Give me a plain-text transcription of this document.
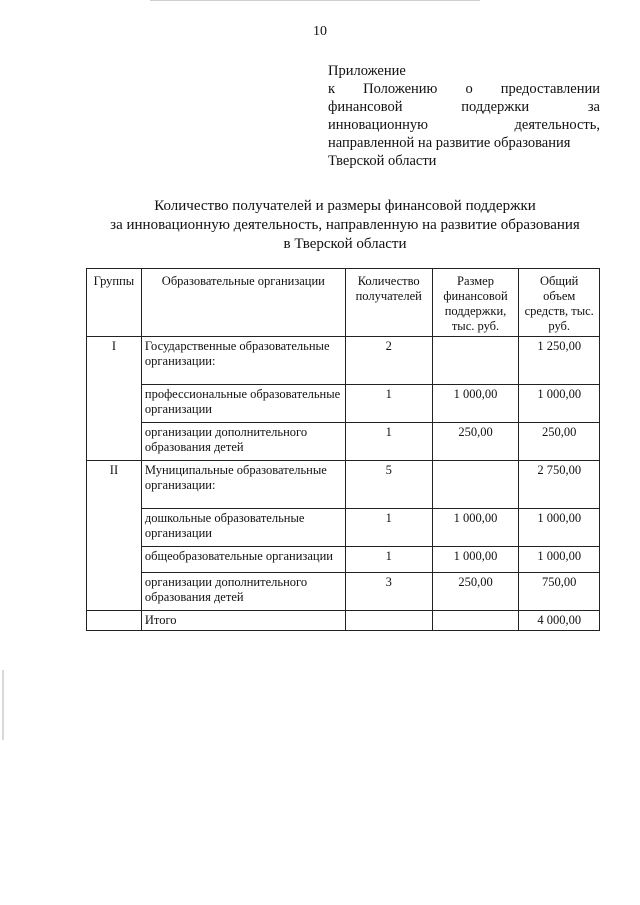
10
Приложение
к Положению о предоставлении
финансовой	поддержки	за
инновационную	деятельность,
направленной на развитие образования
Тверской области
Количество получателей и размеры финансовой поддержки
за инновационную деятельность, направленную на развитие образования
в Тверской области
Группы	Образовательные организации	Количество получателей	Размер финансовой поддержки, тыс. руб.	Общий объем средств, тыс. руб.
I	Государственные образовательные организации:	2		1 250,00
	профессиональные образовательные организации	1	1 000,00	1 000,00
	организации дополнительного образования детей	1	250,00	250,00
II	Муниципальные образовательные организации:	5		2 750,00
	дошкольные образовательные организации	1	1 000,00	1 000,00
	общеобразовательные организации	1	1 000,00	1 000,00
	организации дополнительного образования детей	3	250,00	750,00
	Итого			4 000,00
